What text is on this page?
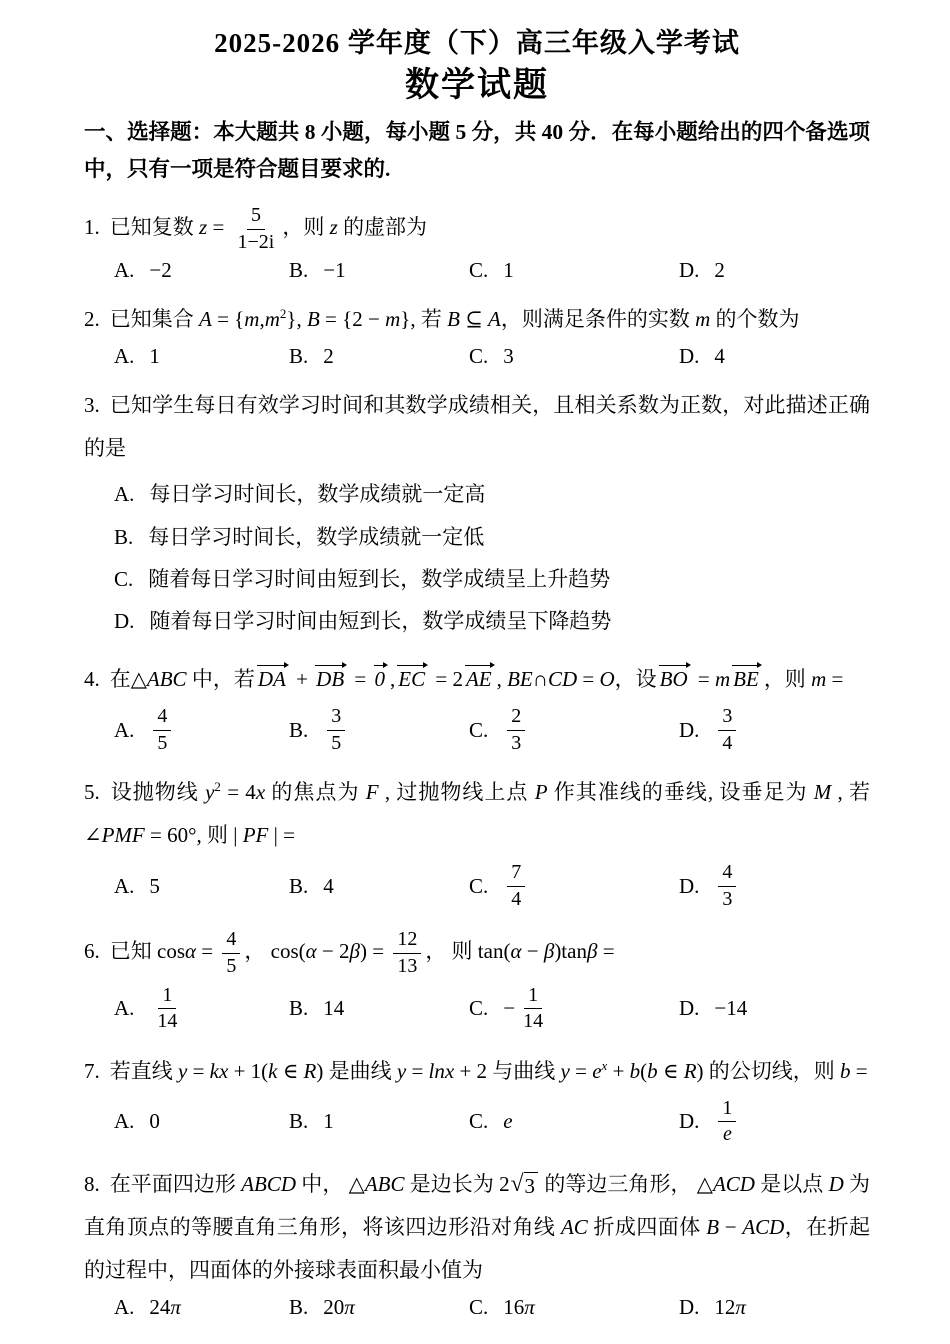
2025-2026 学年度（下）高三年级入学考试
数学试题
一、选择题：本大题共 8 小题，每小题 5 分，共 40 分．在每小题给出的四个备选项中，只有一项是符合题目要求的.
1. 已知复数 $z = \frac{5}{1-2i}$ ，则 z 的虚部为
A. −2	B. −1	C. 1	D. 2
2. 已知集合 $A = \{m,m^2\}$, B = {2 − m}, 若 B ⊆ A，则满足条件的实数 m 的个数为
A. 1	B. 2	C. 3	D. 4
3. 已知学生每日有效学习时间和其数学成绩相关，且相关系数为正数，对此描述正确的是
A. 每日学习时间长，数学成绩就一定高
B. 每日学习时间长，数学成绩就一定低
C. 随着每日学习时间由短到长，数学成绩呈上升趋势
D. 随着每日学习时间由短到长，数学成绩呈下降趋势
4. 在△ABC 中，若 DA + DB = 0 , EC = 2 AE , BE∩CD = O，设 BO = m BE ，则 m =
A. $\frac{4}{5}$	B. $\frac{3}{5}$	C. $\frac{2}{3}$	D. $\frac{3}{4}$
5. 设抛物线 $y^2 = 4x$ 的焦点为 F , 过抛物线上点 P 作其准线的垂线, 设垂足为 M , 若 ∠PMF = 60°, 则 | PF | =
A. 5	B. 4	C. $\frac{7}{4}$	D. $\frac{4}{3}$
6. 已知 $\cos\alpha = \frac{4}{5}$ ， $\cos(\alpha - 2\beta) = \frac{12}{13}$ ， 则 tan(α − β)tanβ =
A. $\frac{1}{14}$	B. 14	C. − $\frac{1}{14}$	D. −14
7. 若直线 y = kx + 1(k ∈ R) 是曲线 y = lnx + 2 与曲线 $y = e^x + b(b$ ∈ R) 的公切线，则 b =
A. 0	B. 1	C. e	D. $\frac{1}{e}$
8. 在平面四边形 ABCD 中， △ABC 是边长为 2 √ 3 的等边三角形， △ACD 是以点 D 为直角顶点的等腰直角三角形，将该四边形沿对角线 AC 折成四面体 B − ACD，在折起的过程中，四面体的外接球表面积最小值为
A. 24 π	B. 20 π	C. 16 π	D. 12 π
